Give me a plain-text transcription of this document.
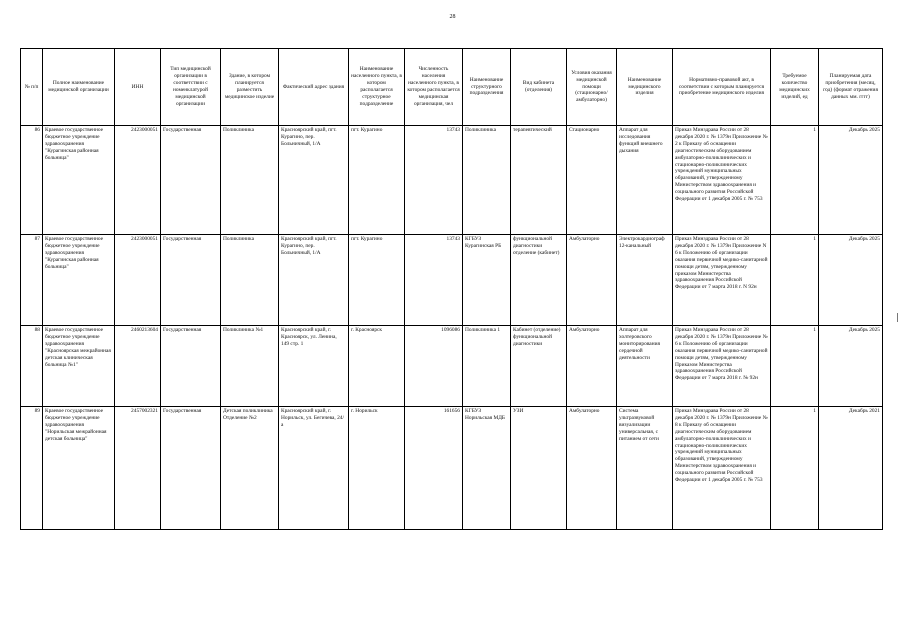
28
№ п/п	Полное наименование медицинской организации	ИНН	Тип медицинской организации в соответствии с номенклатурой медицинской организации	Здание, в котором планируется разместить медицинское изделие	Фактический адрес здания	Наименование населенного пункта, в котором располагается структурное подразделение	Численность населения населенного пункта, в котором располагается медицинская организация, чел	Наименование структурного подразделения	Вид кабинета (отделения)	Условия оказания медицинской помощи (стационарно/амбулаторно)	Наименование медицинского изделия	Нормативно-правовой акт, в соответствии с которым планируется приобретение медицинского изделия	Требуемое количество медицинских изделий, ед	Планируемая дата приобретения (месяц, год) (формат отражения данных мм. гггг)
86	Краевое государственное бюджетное учреждение здравоохранения "Курагинская районная больница"	2423000051	Государственная	Поликлиника	Красноярский край, пгт. Курагино, пер. Больничный, 1/А	пгт. Курагино	13743	Поликлиника	терапевтический	Стационарно	Аппарат для исследования функций внешнего дыхания	Приказ Минздрава России от 28 декабря 2020 г. № 1379н Приложение № 2 к Приказу об оснащении диагностическим оборудованием амбулаторно-поликлинических и стационарно-поликлинических учреждений муниципальных образований, утвержденному Министерством здравоохранения и социального развития Российской Федерации от 1 декабря 2005 г. № 753	1	Декабрь 2025
87	Краевое государственное бюджетное учреждение здравоохранения "Курагинская районная больница"	2423000051	Государственная	Поликлиника	Красноярский край, пгт. Курагино, пер. Больничный, 1/А	пгт. Курагино	13743	КГБУЗ Курагинская РБ	функциональной диагностики отделение (кабинет)	Амбулаторно	Электрокардиограф 12-канальный	Приказ Минздрава России от 28 декабря 2020 г. № 1379н Приложение N 6 к Положению об организации оказания первичной медико-санитарной помощи детям, утвержденному приказом Министерства здравоохранения Российской Федерации от 7 марта 2018 г. N 92н	1	Декабрь 2025
88	Краевое государственное бюджетное учреждение здравоохранения "Красноярская межрайонная детская клиническая больница №1"	2460213604	Государственная	Поликлиника №1	Красноярский край, г. Красноярск, ул. Ленина, 149 стр. 1	г. Красноярск	1096086	Поликлиника 1	Кабинет (отделение) функциональной диагностики	Амбулаторно	Аппарат для холтеровского мониторирования сердечной деятельности	Приказ Минздрава России от 28 декабря 2020 г. № 1379н Приложение № 6 к Положению об организации оказания первичной медико-санитарной помощи детям, утвержденному Приказом Министерства здравоохранения Российской Федерации от 7 марта 2018 г. № 92н	1	Декабрь 2025
89	Краевое государственное бюджетное учреждение здравоохранения "Норильская межрайонная детская больница"	2457002321	Государственная	Детская поликлиника Отделение №2	Красноярский край, г. Норильск, ул. Бегичева, 24/а	г. Норильск	161656	КГБУЗ Норильская МДБ	УЗИ	Амбулаторно	Система ультразвуковой визуализации универсальная, с питанием от сети	Приказ Минздрава России от 28 декабря 2020 г. № 1379н Приложение № 8 к Приказу об оснащении диагностическим оборудованием амбулаторно-поликлинических и стационарно-поликлинических учреждений муниципальных образований, утвержденному Министерством здравоохранения и социального развития Российской Федерации от 1 декабря 2005 г. № 753	1	Декабрь 2021
